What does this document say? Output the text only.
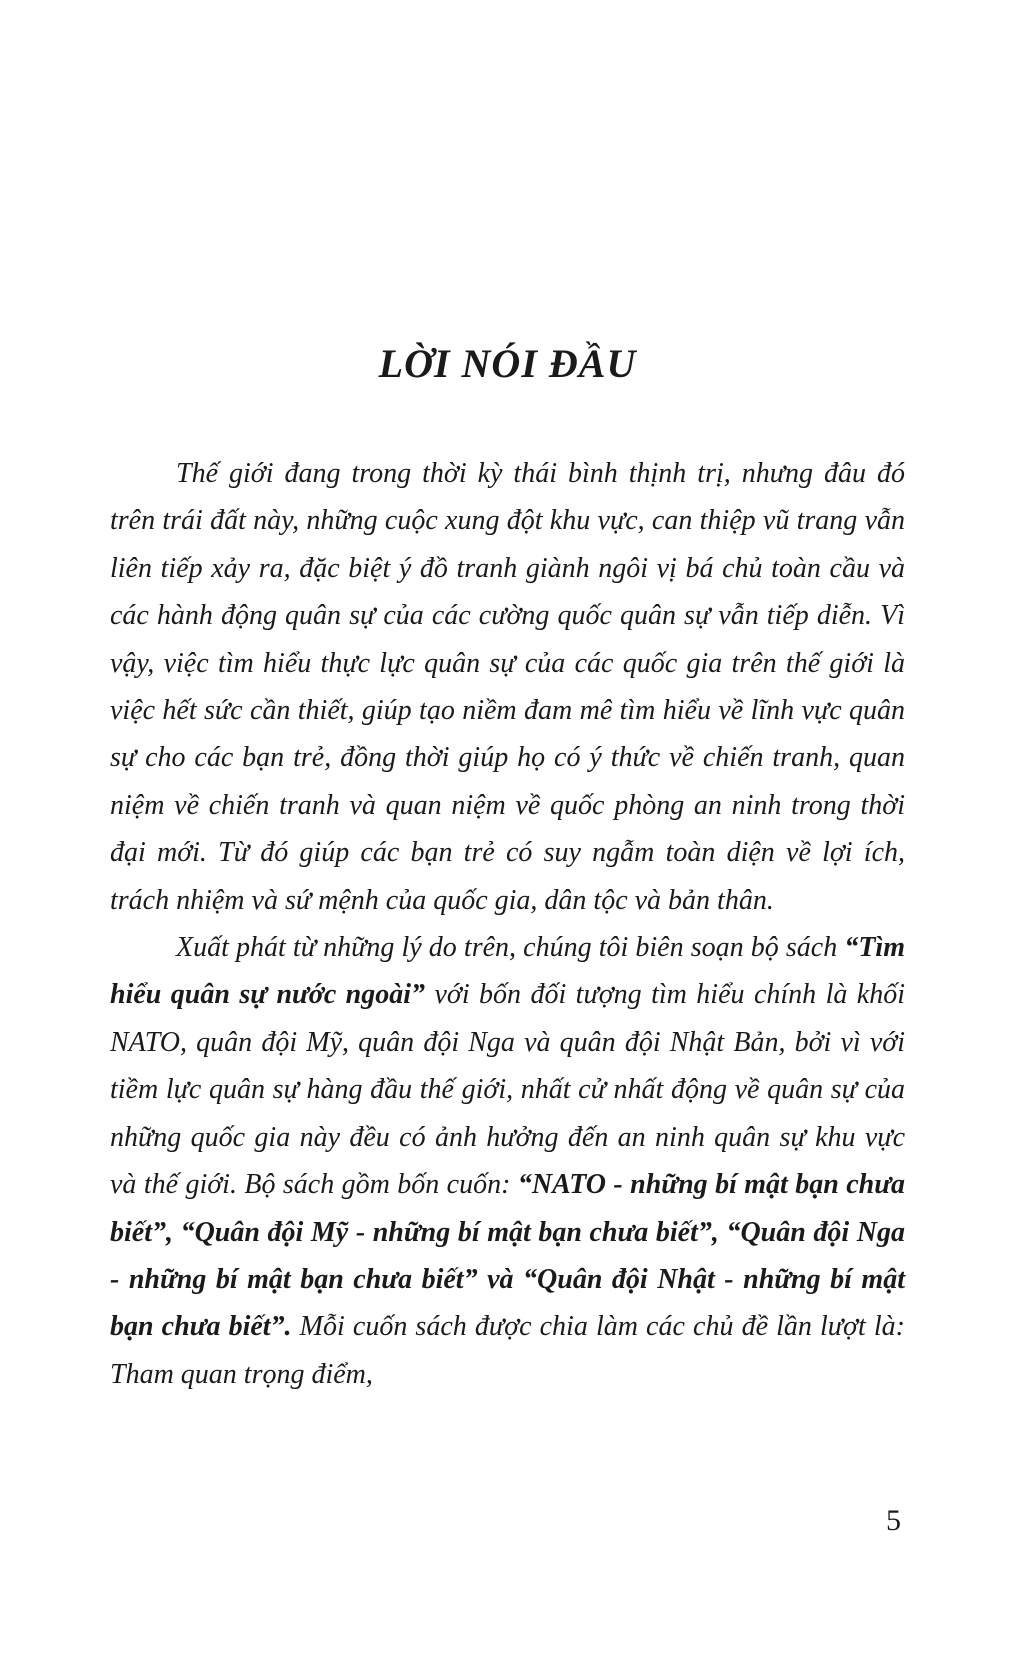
LỜI NÓI ĐẦU

Thế giới đang trong thời kỳ thái bình thịnh trị, nhưng đâu đó trên trái đất này, những cuộc xung đột khu vực, can thiệp vũ trang vẫn liên tiếp xảy ra, đặc biệt ý đồ tranh giành ngôi vị bá chủ toàn cầu và các hành động quân sự của các cường quốc quân sự vẫn tiếp diễn. Vì vậy, việc tìm hiểu thực lực quân sự của các quốc gia trên thế giới là việc hết sức cần thiết, giúp tạo niềm đam mê tìm hiểu về lĩnh vực quân sự cho các bạn trẻ, đồng thời giúp họ có ý thức về chiến tranh, quan niệm về chiến tranh và quan niệm về quốc phòng an ninh trong thời đại mới. Từ đó giúp các bạn trẻ có suy ngẫm toàn diện về lợi ích, trách nhiệm và sứ mệnh của quốc gia, dân tộc và bản thân.

Xuất phát từ những lý do trên, chúng tôi biên soạn bộ sách “Tìm hiểu quân sự nước ngoài” với bốn đối tượng tìm hiểu chính là khối NATO, quân đội Mỹ, quân đội Nga và quân đội Nhật Bản, bởi vì với tiềm lực quân sự hàng đầu thế giới, nhất cử nhất động về quân sự của những quốc gia này đều có ảnh hưởng đến an ninh quân sự khu vực và thế giới. Bộ sách gồm bốn cuốn: “NATO - những bí mật bạn chưa biết”, “Quân đội Mỹ - những bí mật bạn chưa biết”, “Quân đội Nga - những bí mật bạn chưa biết” và “Quân đội Nhật - những bí mật bạn chưa biết”. Mỗi cuốn sách được chia làm các chủ đề lần lượt là: Tham quan trọng điểm,

5
